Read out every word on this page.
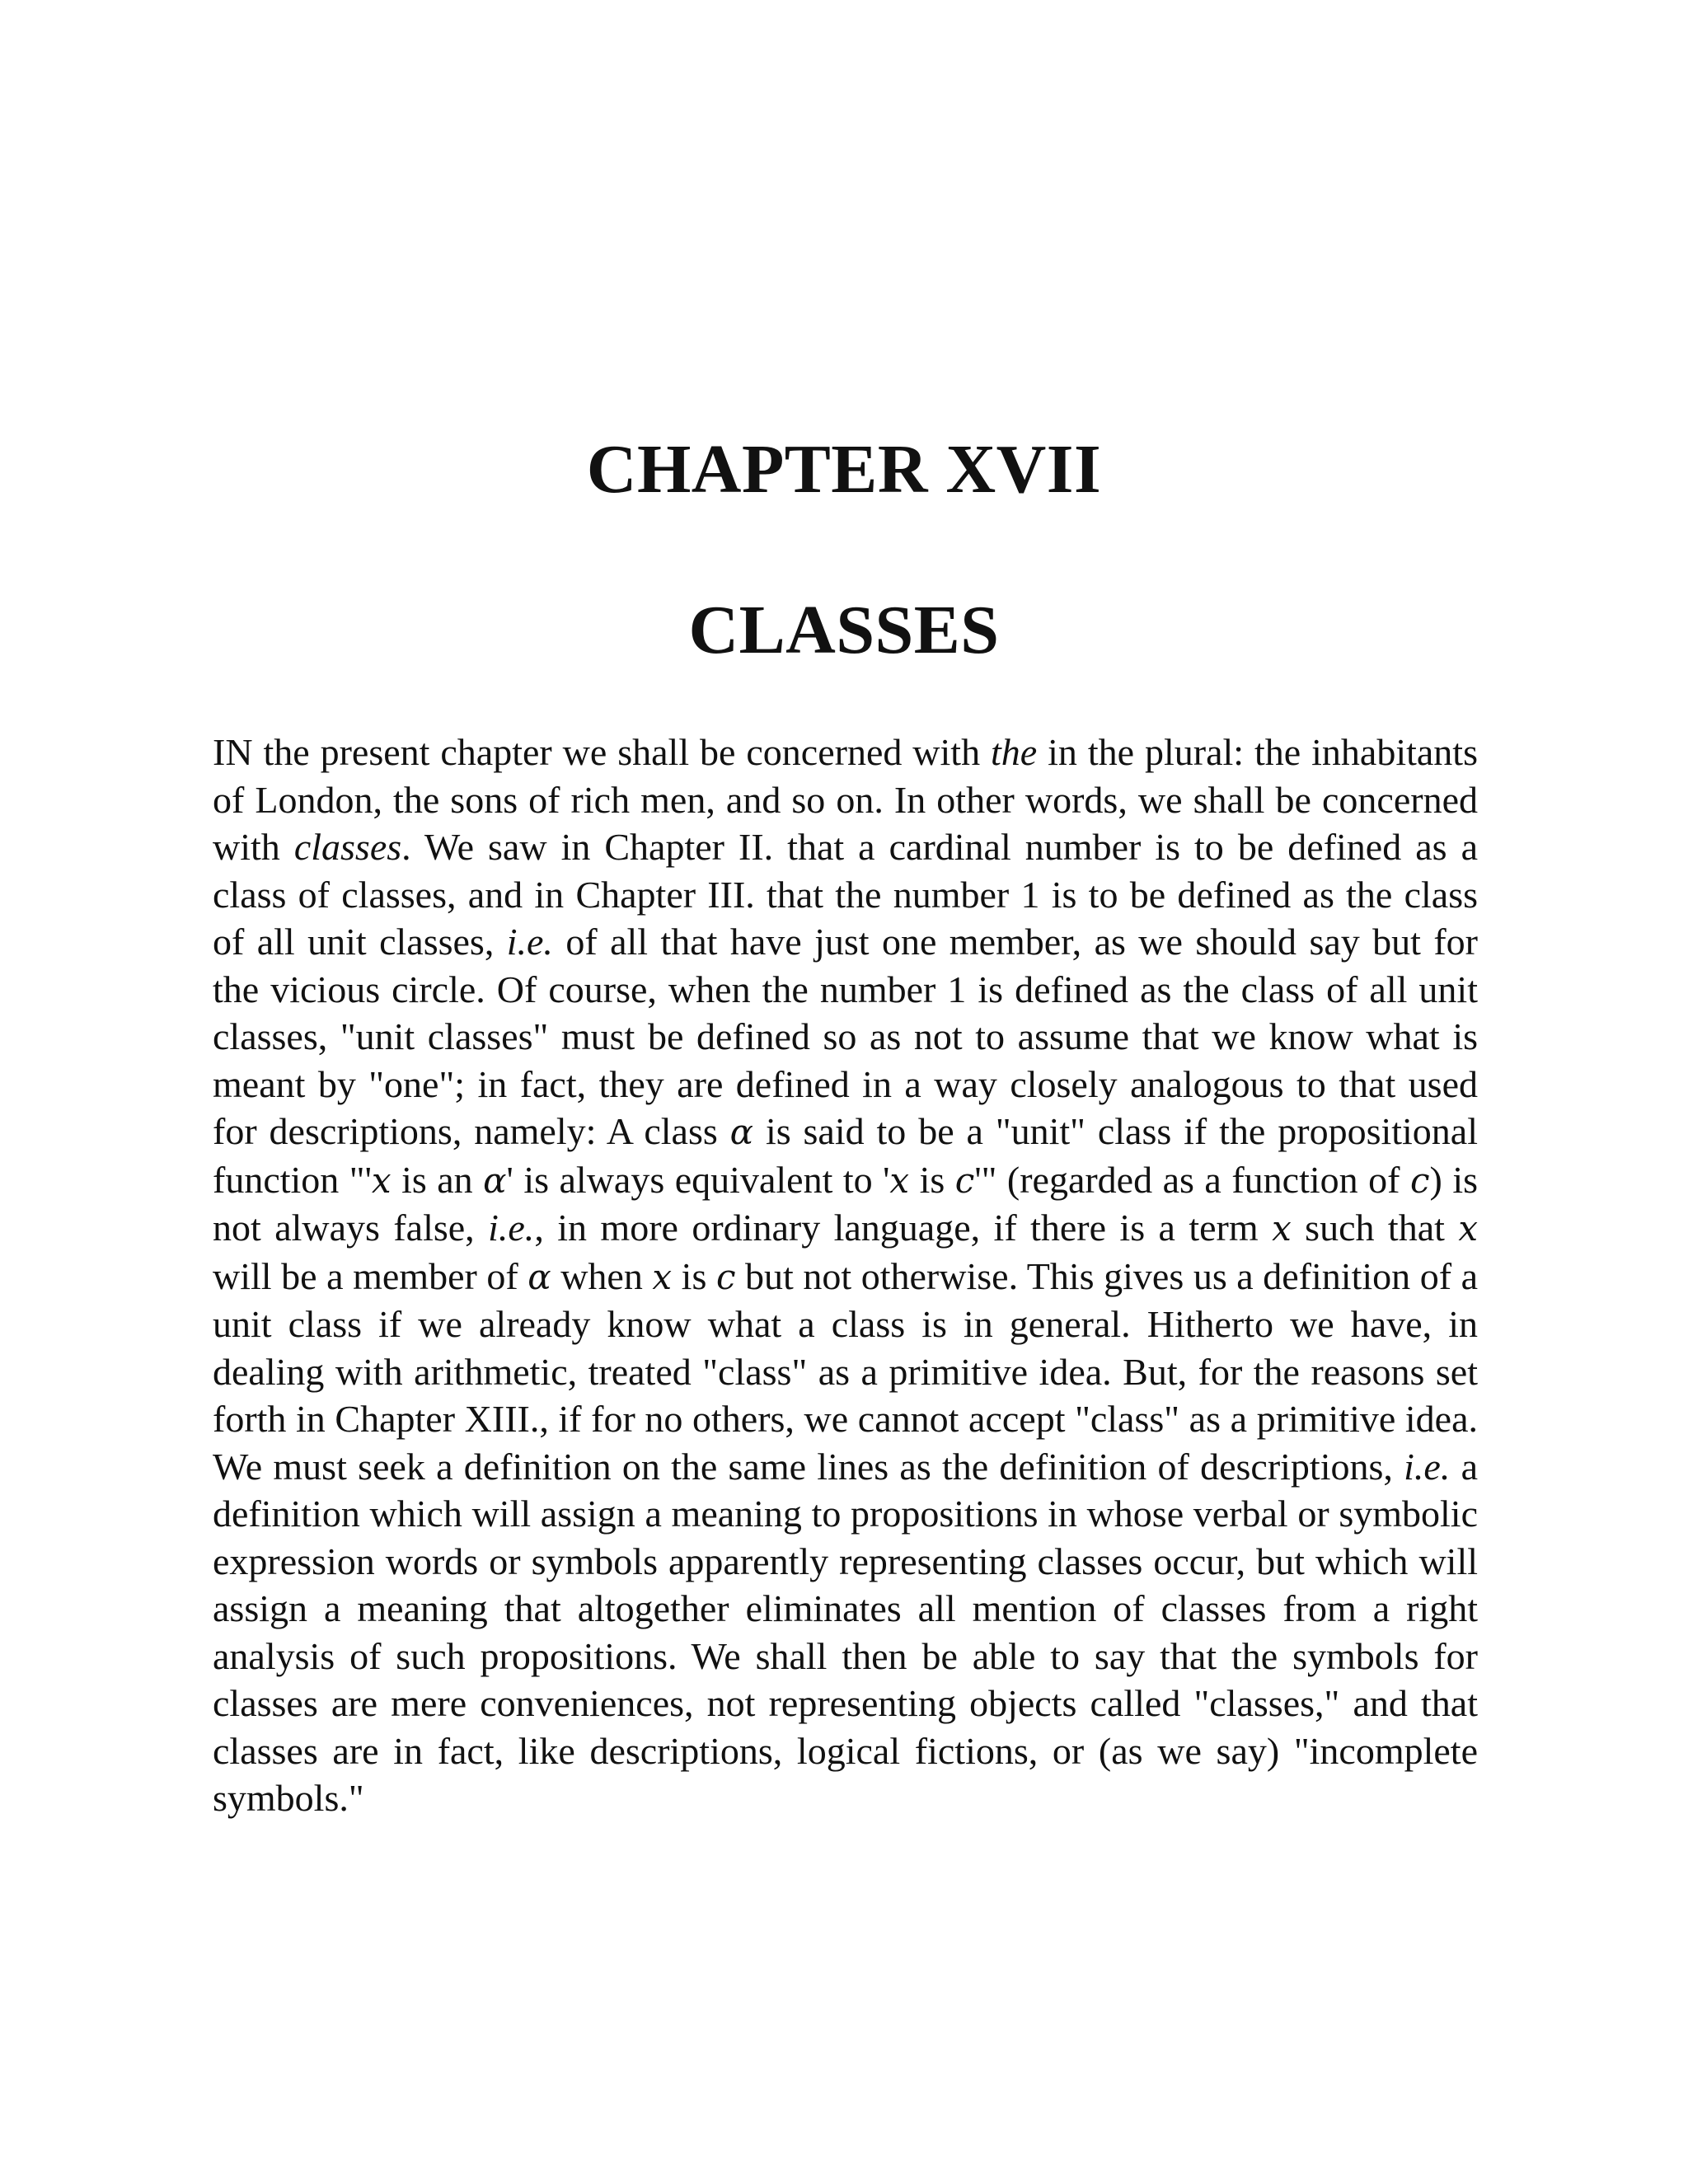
CHAPTER XVII
CLASSES

IN the present chapter we shall be concerned with the in the plural: the inhabitants of London, the sons of rich men, and so on. In other words, we shall be concerned with classes. We saw in Chapter II. that a cardinal number is to be defined as a class of classes, and in Chapter III. that the number 1 is to be defined as the class of all unit classes, i.e. of all that have just one member, as we should say but for the vicious circle. Of course, when the number 1 is defined as the class of all unit classes, "unit classes" must be defined so as not to assume that we know what is meant by "one"; in fact, they are defined in a way closely analogous to that used for descriptions, namely: A class α is said to be a "unit" class if the propositional function "'x is an α' is always equivalent to 'x is c'" (regarded as a function of c) is not always false, i.e., in more ordinary language, if there is a term x such that x will be a member of α when x is c but not otherwise. This gives us a definition of a unit class if we already know what a class is in general. Hitherto we have, in dealing with arithmetic, treated "class" as a primitive idea. But, for the reasons set forth in Chapter XIII., if for no others, we cannot accept "class" as a primitive idea. We must seek a definition on the same lines as the definition of descriptions, i.e. a definition which will assign a meaning to propositions in whose verbal or symbolic expression words or symbols apparently representing classes occur, but which will assign a meaning that altogether eliminates all mention of classes from a right analysis of such propositions. We shall then be able to say that the symbols for classes are mere conveniences, not representing objects called "classes," and that classes are in fact, like descriptions, logical fictions, or (as we say) "incomplete symbols."
